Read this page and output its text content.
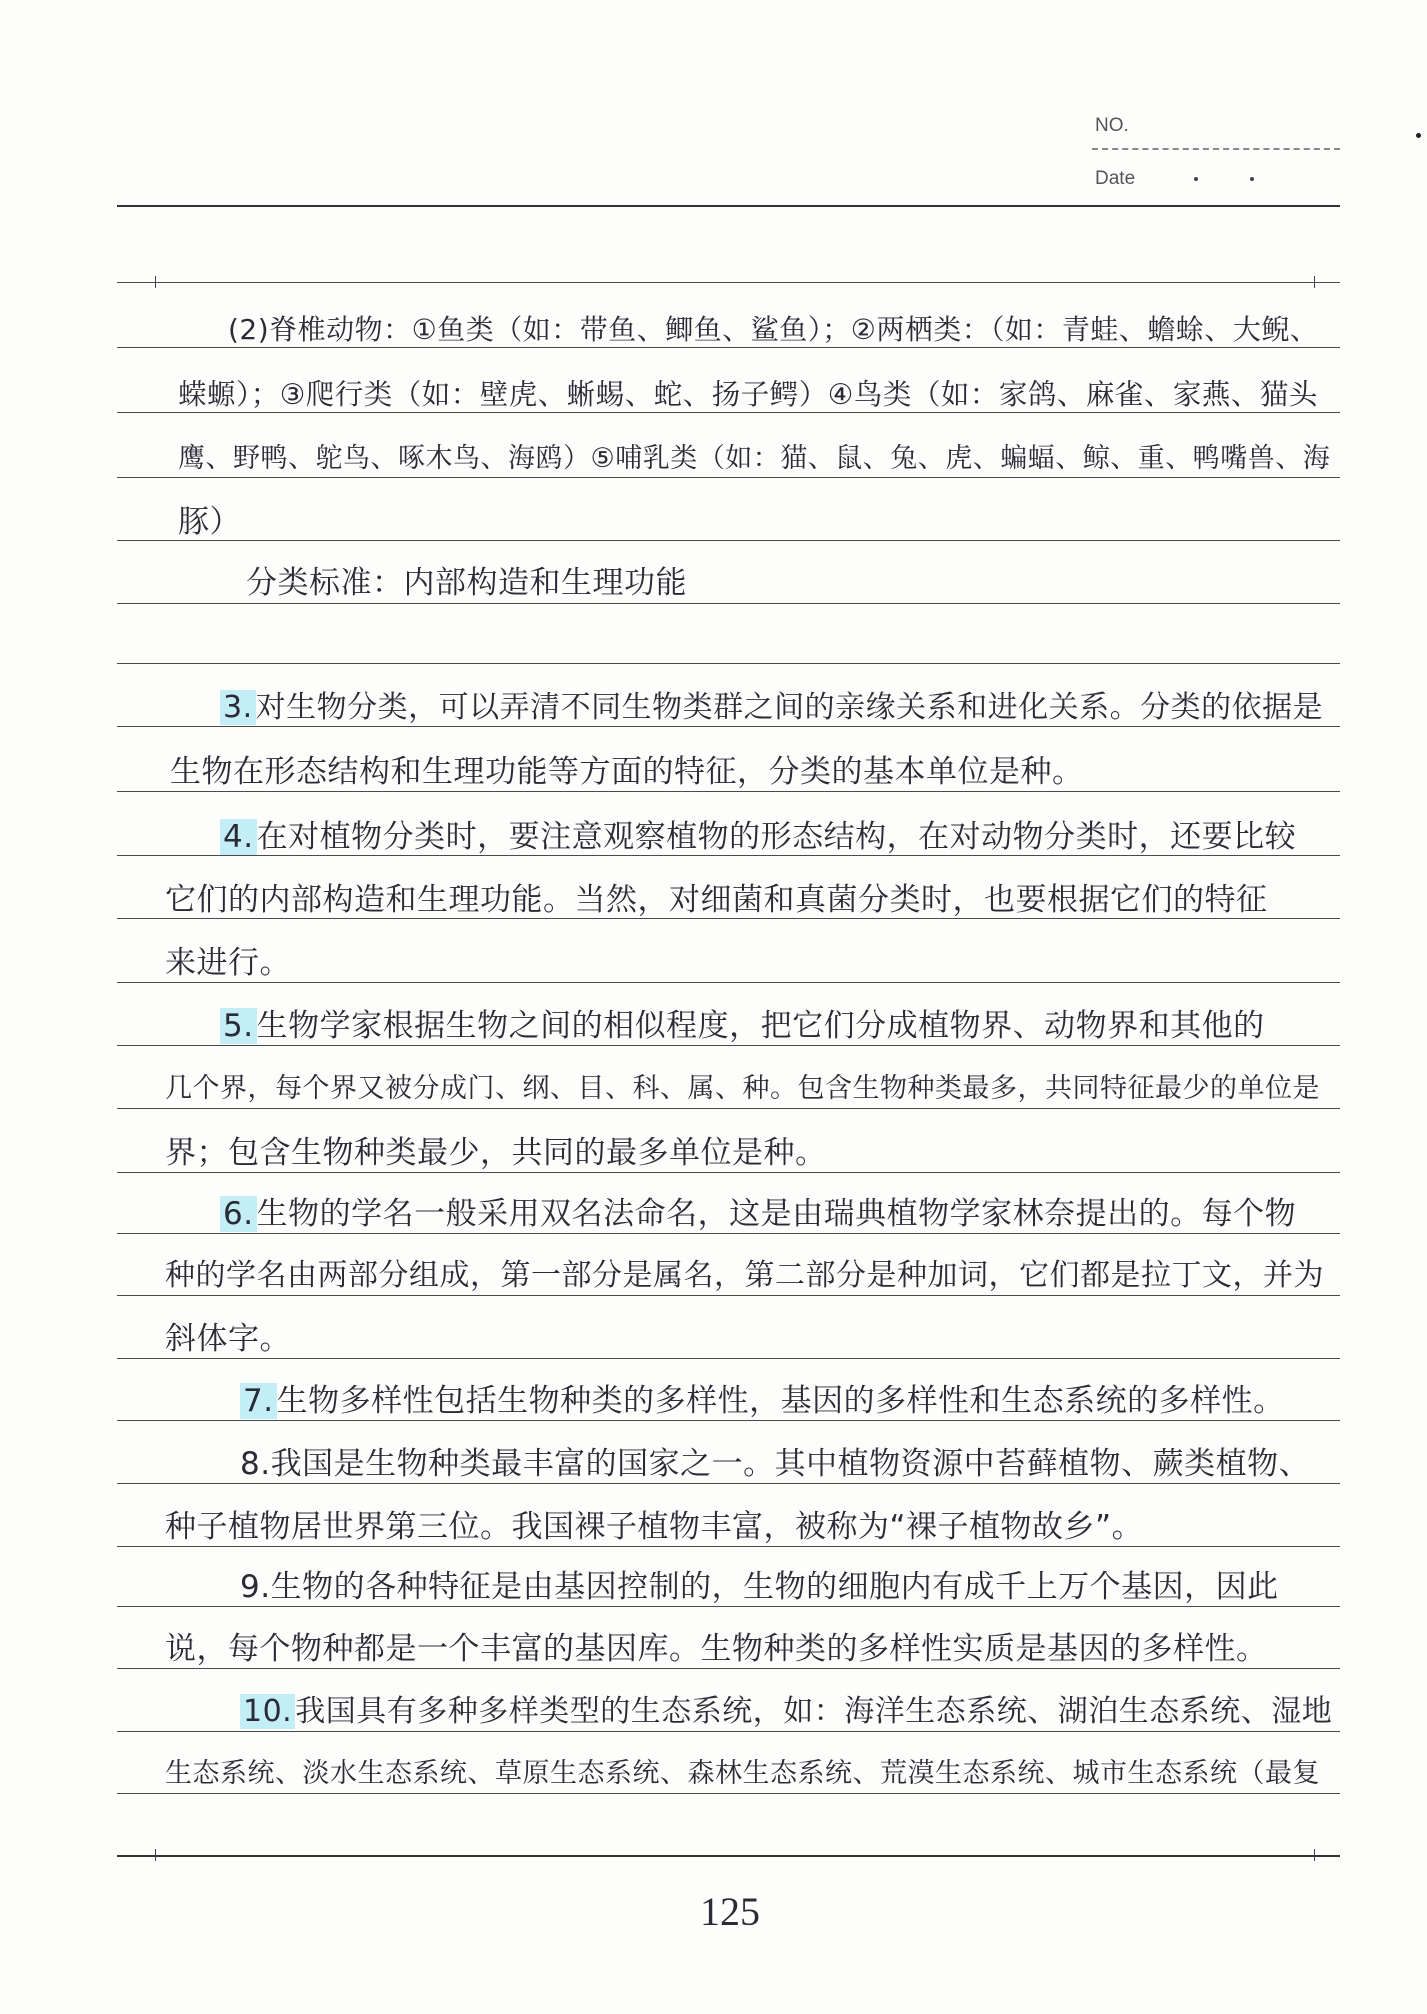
NO.
Date
(2)脊椎动物：①鱼类（如：带鱼、鲫鱼、鲨鱼）；②两栖类：（如：青蛙、蟾蜍、大鲵、
蝾螈）；③爬行类（如：壁虎、蜥蜴、蛇、扬子鳄）④鸟类（如：家鸽、麻雀、家燕、猫头
鹰、野鸭、鸵鸟、啄木鸟、海鸥）⑤哺乳类（如：猫、鼠、兔、虎、蝙蝠、鲸、重、鸭嘴兽、海
豚）
分类标准：内部构造和生理功能
3. 对生物分类，可以弄清不同生物类群之间的亲缘关系和进化关系。分类的依据是
生物在形态结构和生理功能等方面的特征，分类的基本单位是种。
4.在对植物分类时，要注意观察植物的形态结构，在对动物分类时，还要比较
它们的内部构造和生理功能。当然，对细菌和真菌分类时，也要根据它们的特征
来进行。
5.生物学家根据生物之间的相似程度，把它们分成植物界、动物界和其他的
几个界，每个界又被分成门、纲、目、科、属、种。包含生物种类最多，共同特征最少的单位是
界；包含生物种类最少，共同的最多单位是种。
6.生物的学名一般采用双名法命名，这是由瑞典植物学家林奈提出的。每个物
种的学名由两部分组成，第一部分是属名，第二部分是种加词，它们都是拉丁文，并为
斜体字。
7.生物多样性包括生物种类的多样性，基因的多样性和生态系统的多样性。
8.我国是生物种类最丰富的国家之一。其中植物资源中苔藓植物、蕨类植物、
种子植物居世界第三位。我国裸子植物丰富，被称为“裸子植物故乡”。
9.生物的各种特征是由基因控制的，生物的细胞内有成千上万个基因，因此
说，每个物种都是一个丰富的基因库。生物种类的多样性实质是基因的多样性。
10. 我国具有多种多样类型的生态系统，如：海洋生态系统、湖泊生态系统、湿地
生态系统、淡水生态系统、草原生态系统、森林生态系统、荒漠生态系统、城市生态系统（最复
125
